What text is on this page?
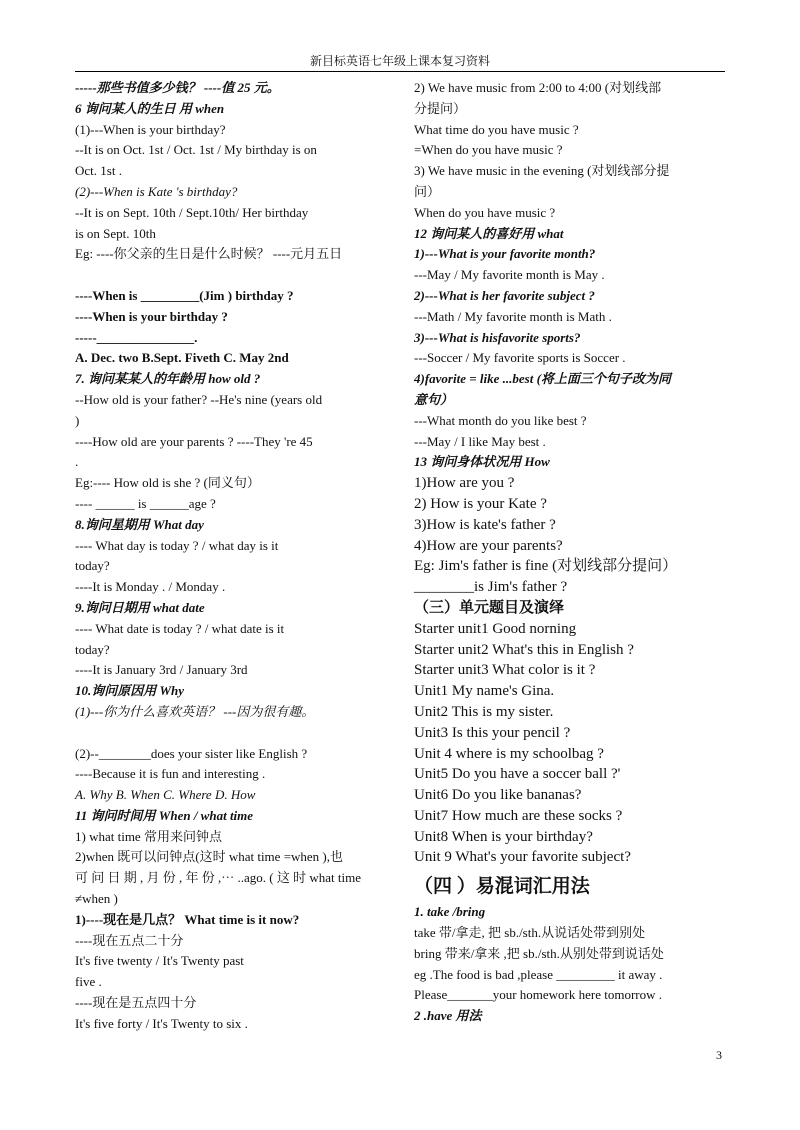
新目标英语七年级上课本复习资料
-----那些书值多少钱？ ----值 25 元。
6 询问某人的生日 用 when
(1)---When is your birthday?
--It is on Oct. 1st / Oct. 1st / My birthday is on
Oct. 1st .
(2)---When is Kate 's birthday?
--It is on Sept. 10th / Sept.10th/ Her birthday
is on Sept. 10th
Eg: ----你父亲的生日是什么时候？ ----元月五日
----When is _________(Jim ) birthday ?
----When is your birthday ?
-----_______________.
A. Dec. two B.Sept. Fiveth C. May 2nd
7. 询问某某人的年龄用 how old ?
--How old is your father? --He's nine (years old
)
----How old are your parents ? ----They 're 45
.
Eg:---- How old is she ? (同义句）
---- ______ is ______age ?
8.询问星期用 What day
---- What day is today ? / what day is it
today?
----It is Monday . / Monday .
9.询问日期用 what date
---- What date is today ? / what date is it
today?
----It is January 3rd / January 3rd
10.询问原因用 Why
(1)---你为什么喜欢英语？ ---因为很有趣。
(2)--________does your sister like English ?
----Because it is fun and interesting .
A. Why B. When C. Where D. How
11 询问时间用 When / what time
1) what time 常用来问钟点
2)when 既可以问钟点(这时 what time =when ),也
可 问 日 期 , 月 份 , 年 份 ,⋯ ..ago. ( 这 时 what time
≠when )
1)----现在是几点？ What time is it now?
----现在五点二十分
It's five twenty / It's Twenty past
five .
----现在是五点四十分
It's five forty / It's Twenty to six .
2) We have music from 2:00 to 4:00 (对划线部
分提问）
What time do you have music ?
=When do you have music ?
3) We have music in the evening (对划线部分提
问）
When do you have music ?
12 询问某人的喜好用 what
1)---What is your favorite month?
---May / My favorite month is May .
2)---What is her favorite subject ?
---Math / My favorite month is Math .
3)---What is hisfavorite sports?
---Soccer / My favorite sports is Soccer .
4)favorite = like ...best (将上面三个句子改为同
意句）
---What month do you like best ?
---May / I like May best .
13 询问身体状况用 How
1)How are you ?
2) How is your Kate ?
3)How is kate's father ?
4)How are your parents?
Eg: Jim's father is fine (对划线部分提问）
________is Jim's father ?
（三）单元题目及演绎
Starter unit1 Good norning
Starter unit2 What's this in English ?
Starter unit3 What color is it ?
Unit1 My name's Gina.
Unit2 This is my sister.
Unit3 Is this your pencil ?
Unit 4 where is my schoolbag ?
Unit5 Do you have a soccer ball ?'
Unit6 Do you like bananas?
Unit7 How much are these socks ?
Unit8 When is your birthday?
Unit 9 What's your favorite subject?
（四 ）易混词汇用法
1. take /bring
take 带/拿走, 把 sb./sth.从说话处带到别处
bring 带来/拿来 ,把 sb./sth.从别处带到说话处
eg .The food is bad ,please _________ it away .
Please_______your homework here tomorrow .
2 .have 用法
3
